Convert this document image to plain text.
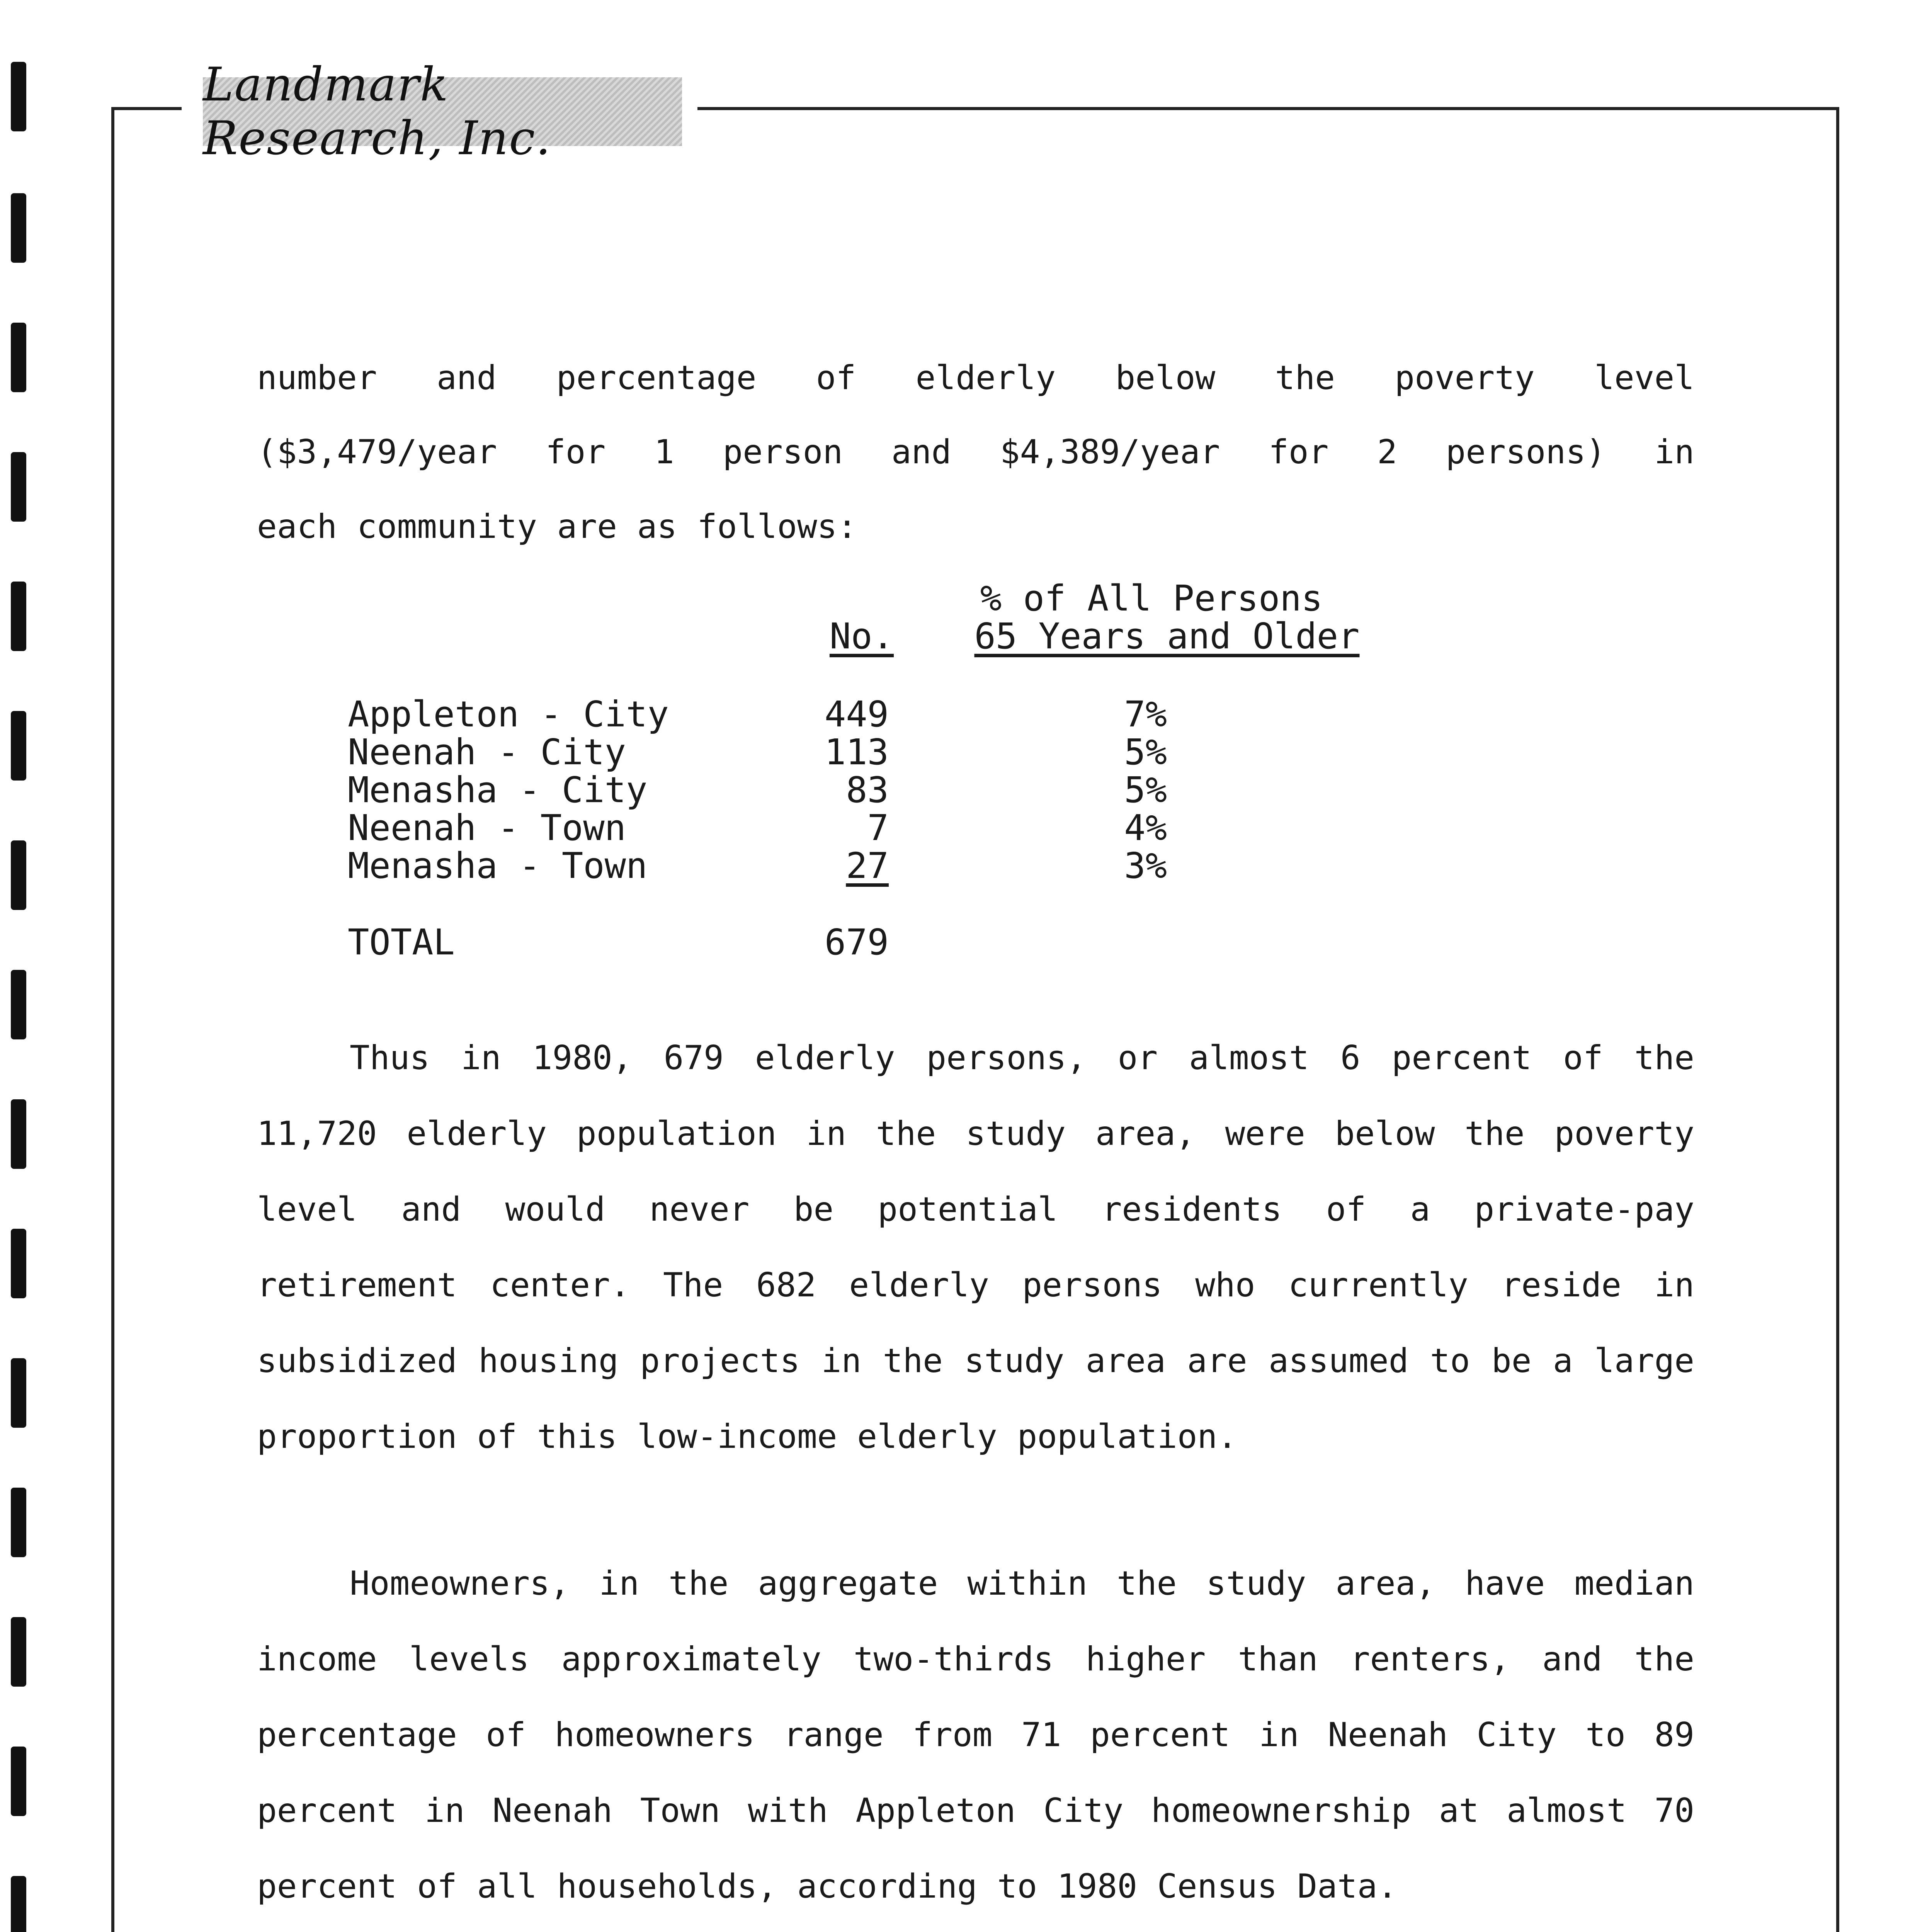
Landmark Research, Inc.
number and percentage of elderly below the poverty level
($3,479/year for 1 person and $4,389/year for 2 persons) in
each community are as follows:
% of All Persons
No.	65 Years and Older
Appleton - City	449	7%
Neenah - City	113	5%
Menasha - City	83	5%
Neenah - Town	7	4%
Menasha - Town	27	3%
TOTAL	679
Thus in 1980, 679 elderly persons, or almost 6 percent of the 11,720 elderly population in the study area, were below the poverty level and would never be potential residents of a private-pay retirement center. The 682 elderly persons who currently reside in subsidized housing projects in the study area are assumed to be a large proportion of this low-income elderly population.
Homeowners, in the aggregate within the study area, have median income levels approximately two-thirds higher than renters, and the percentage of homeowners range from 71 percent in Neenah City to 89 percent in Neenah Town with Appleton City homeownership at almost 70 percent of all households, according to 1980 Census Data.
